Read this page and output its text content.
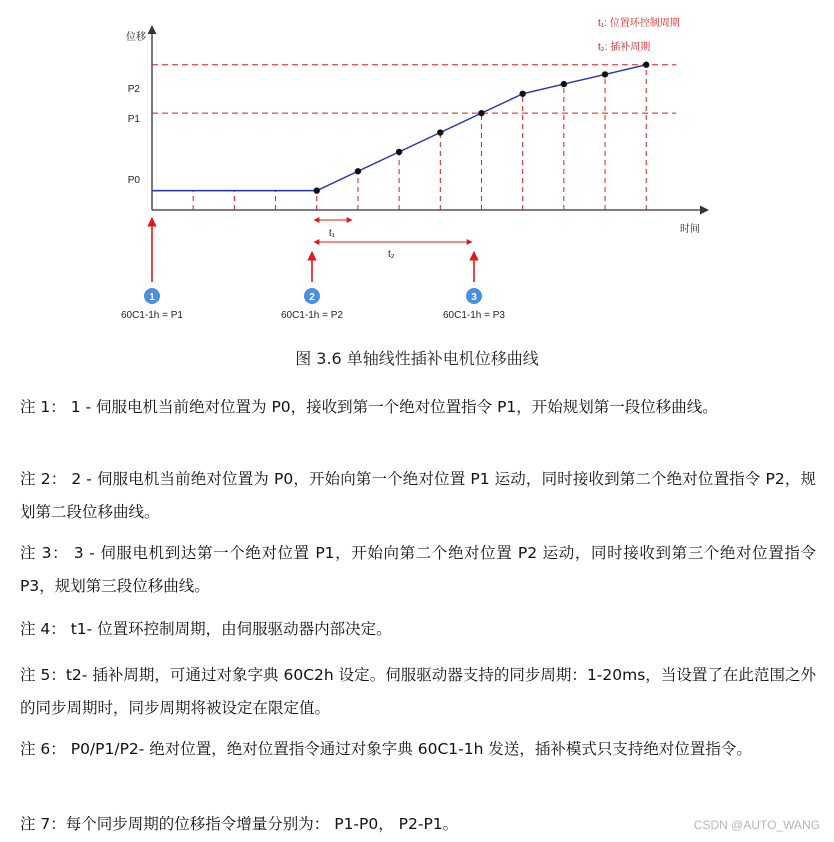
t₁: 位置环控制周期
t₂: 插补周期
位移
时间
P2
P1
P0
t₁
t₂
1
60C1-1h = P1
2
60C1-1h = P2
3
60C1-1h = P3
图 3.6 单轴线性插补电机位移曲线
注 1： 1 - 伺服电机当前绝对位置为 P0，接收到第一个绝对位置指令 P1，开始规划第一段位移曲线。
注 2： 2 - 伺服电机当前绝对位置为 P0，开始向第一个绝对位置 P1 运动，同时接收到第二个绝对位置指令 P2，规划第二段位移曲线。
注 3： 3 - 伺服电机到达第一个绝对位置 P1，开始向第二个绝对位置 P2 运动，同时接收到第三个绝对位置指令 P3，规划第三段位移曲线。
注 4： t1- 位置环控制周期，由伺服驱动器内部决定。
注 5：t2- 插补周期，可通过对象字典 60C2h 设定。伺服驱动器支持的同步周期：1-20ms，当设置了在此范围之外的同步周期时，同步周期将被设定在限定值。
注 6： P0/P1/P2- 绝对位置，绝对位置指令通过对象字典 60C1-1h 发送，插补模式只支持绝对位置指令。
注 7：每个同步周期的位移指令增量分别为： P1-P0， P2-P1。	CSDN @AUTO_WANG
